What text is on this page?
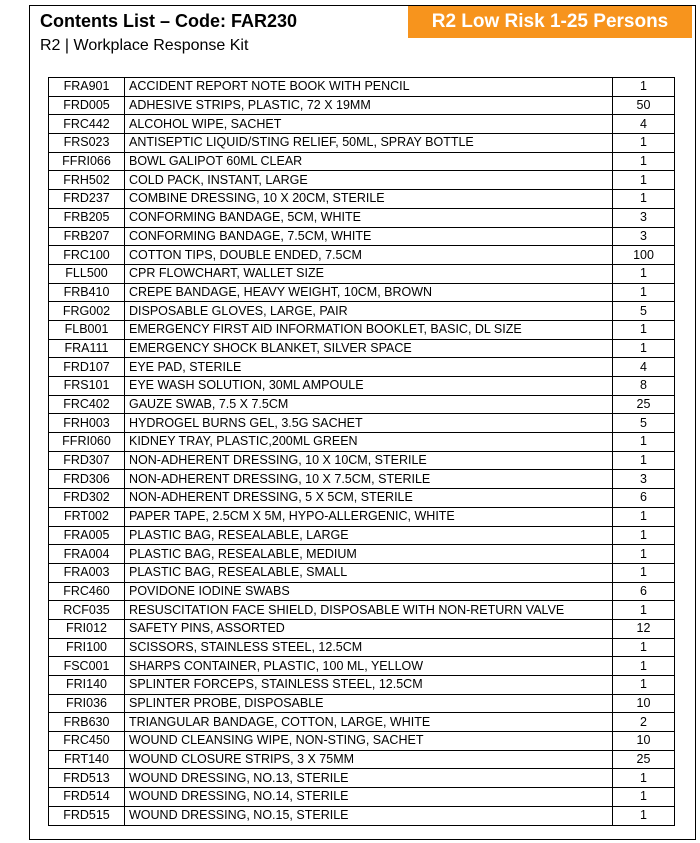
Contents List – Code: FAR230
R2 | Workplace Response Kit
R2 Low Risk 1-25 Persons
FRA901	ACCIDENT REPORT NOTE BOOK WITH PENCIL	1
FRD005	ADHESIVE STRIPS, PLASTIC, 72 X 19MM	50
FRC442	ALCOHOL WIPE, SACHET	4
FRS023	ANTISEPTIC LIQUID/STING RELIEF, 50ML, SPRAY BOTTLE	1
FFRI066	BOWL GALIPOT 60ML CLEAR	1
FRH502	COLD PACK, INSTANT, LARGE	1
FRD237	COMBINE DRESSING, 10 X 20CM, STERILE	1
FRB205	CONFORMING BANDAGE, 5CM, WHITE	3
FRB207	CONFORMING BANDAGE, 7.5CM, WHITE	3
FRC100	COTTON TIPS, DOUBLE ENDED, 7.5CM	100
FLL500	CPR FLOWCHART, WALLET SIZE	1
FRB410	CREPE BANDAGE, HEAVY WEIGHT, 10CM, BROWN	1
FRG002	DISPOSABLE GLOVES, LARGE, PAIR	5
FLB001	EMERGENCY FIRST AID INFORMATION BOOKLET, BASIC, DL SIZE	1
FRA111	EMERGENCY SHOCK BLANKET, SILVER SPACE	1
FRD107	EYE PAD, STERILE	4
FRS101	EYE WASH SOLUTION, 30ML AMPOULE	8
FRC402	GAUZE SWAB, 7.5 X 7.5CM	25
FRH003	HYDROGEL BURNS GEL, 3.5G SACHET	5
FFRI060	KIDNEY TRAY, PLASTIC,200ML GREEN	1
FRD307	NON-ADHERENT DRESSING, 10 X 10CM, STERILE	1
FRD306	NON-ADHERENT DRESSING, 10 X 7.5CM, STERILE	3
FRD302	NON-ADHERENT DRESSING, 5 X 5CM, STERILE	6
FRT002	PAPER TAPE, 2.5CM X 5M, HYPO-ALLERGENIC, WHITE	1
FRA005	PLASTIC BAG, RESEALABLE, LARGE	1
FRA004	PLASTIC BAG, RESEALABLE, MEDIUM	1
FRA003	PLASTIC BAG, RESEALABLE, SMALL	1
FRC460	POVIDONE IODINE SWABS	6
RCF035	RESUSCITATION FACE SHIELD, DISPOSABLE WITH NON-RETURN VALVE	1
FRI012	SAFETY PINS, ASSORTED	12
FRI100	SCISSORS, STAINLESS STEEL, 12.5CM	1
FSC001	SHARPS CONTAINER, PLASTIC, 100 ML, YELLOW	1
FRI140	SPLINTER FORCEPS, STAINLESS STEEL, 12.5CM	1
FRI036	SPLINTER PROBE, DISPOSABLE	10
FRB630	TRIANGULAR BANDAGE, COTTON, LARGE, WHITE	2
FRC450	WOUND CLEANSING WIPE, NON-STING, SACHET	10
FRT140	WOUND CLOSURE STRIPS, 3 X 75MM	25
FRD513	WOUND DRESSING, NO.13, STERILE	1
FRD514	WOUND DRESSING, NO.14, STERILE	1
FRD515	WOUND DRESSING, NO.15, STERILE	1
